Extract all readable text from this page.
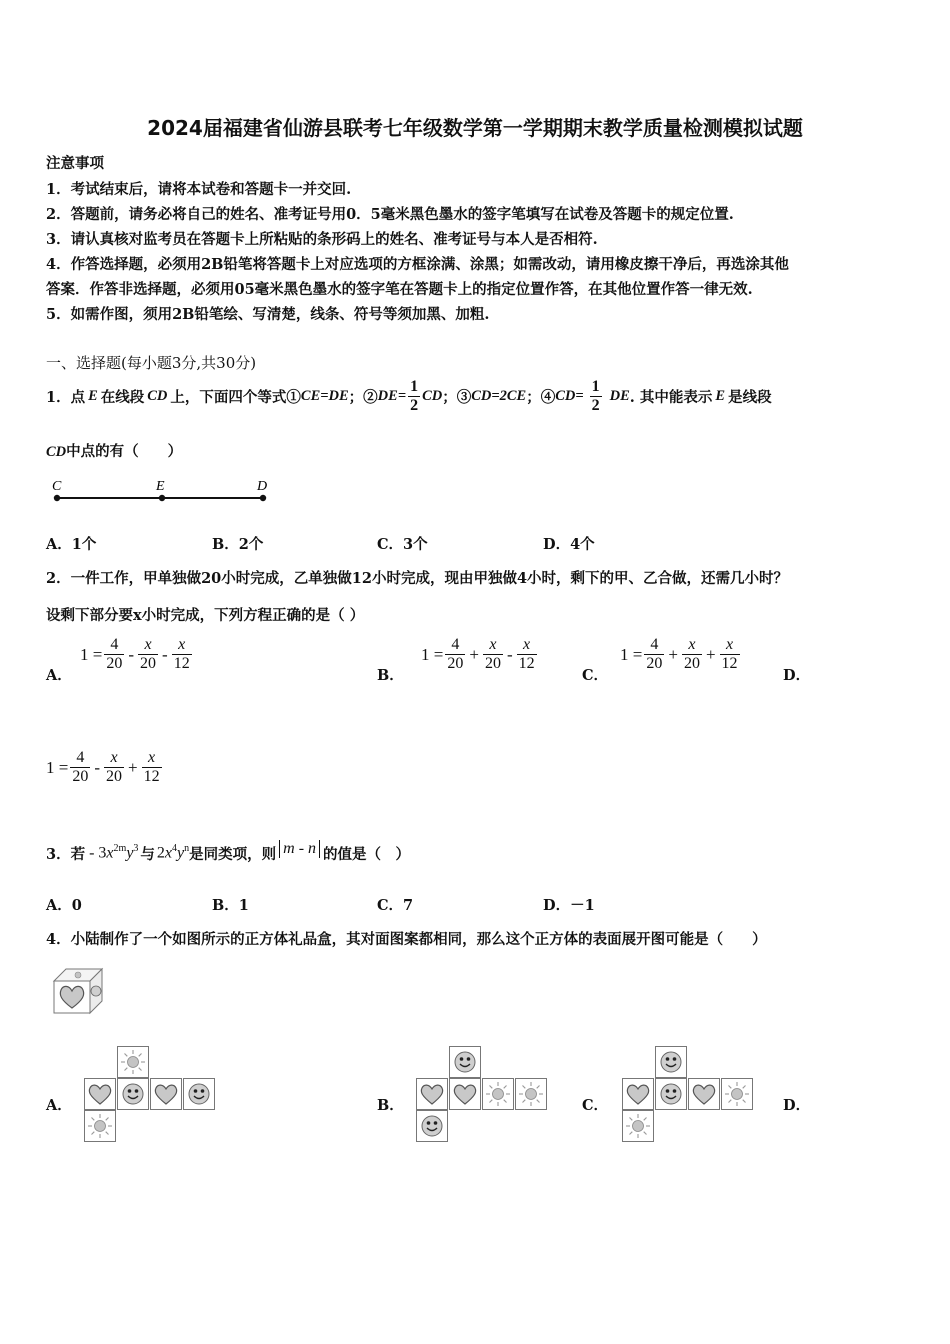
2024届福建省仙游县联考七年级数学第一学期期末教学质量检测模拟试题
注意事项
1．考试结束后，请将本试卷和答题卡一并交回.
2．答题前，请务必将自己的姓名、准考证号用0．5毫米黑色墨水的签字笔填写在试卷及答题卡的规定位置.
3．请认真核对监考员在答题卡上所粘贴的条形码上的姓名、准考证号与本人是否相符.
4．作答选择题，必须用2B铅笔将答题卡上对应选项的方框涂满、涂黑；如需改动，请用橡皮擦干净后，再选涂其他
答案．作答非选择题，必须用05毫米黑色墨水的签字笔在答题卡上的指定位置作答，在其他位置作答一律无效.
5．如需作图，须用2B铅笔绘、写清楚，线条、符号等须加黑、加粗.
一、选择题(每小题3分,共30分)
1．点 E 在线段 CD 上，下面四个等式① CE=DE ；② $DE= \frac{1}{2}$ CD ；③ CD=2CE ；④ $CD= \frac{1}{2}$ DE . 其中能表示 E 是线段
CD中点的有（　　）
C	E	D
A．1个	B．2个	C．3个	D．4个
2．一件工作，甲单独做20小时完成，乙单独做12小时完成，现由甲独做4小时，剩下的甲、乙合做，还需几小时？
设剩下部分要x小时完成，下列方程正确的是（ ）
A．
$1 = \frac{4}{20} - \frac{x}{20} - \frac{x}{12}$
B．
$1 = \frac{4}{20} + \frac{x}{20} - \frac{x}{12}$
C．
$1 = \frac{4}{20} + \frac{x}{20} + \frac{x}{12}$
D．
$1 = \frac{4}{20} - \frac{x}{20} + \frac{x}{12}$
3．若 - $3x^{2m}y^3$ 与 $2x^4y^n$ 是同类项，则 m - n 的值是（　）
A．0	B．1	C．7	D．－1
4．小陆制作了一个如图所示的正方体礼品盒，其对面图案都相同，那么这个正方体的表面展开图可能是（　　）
A．	B．	C．	D．
